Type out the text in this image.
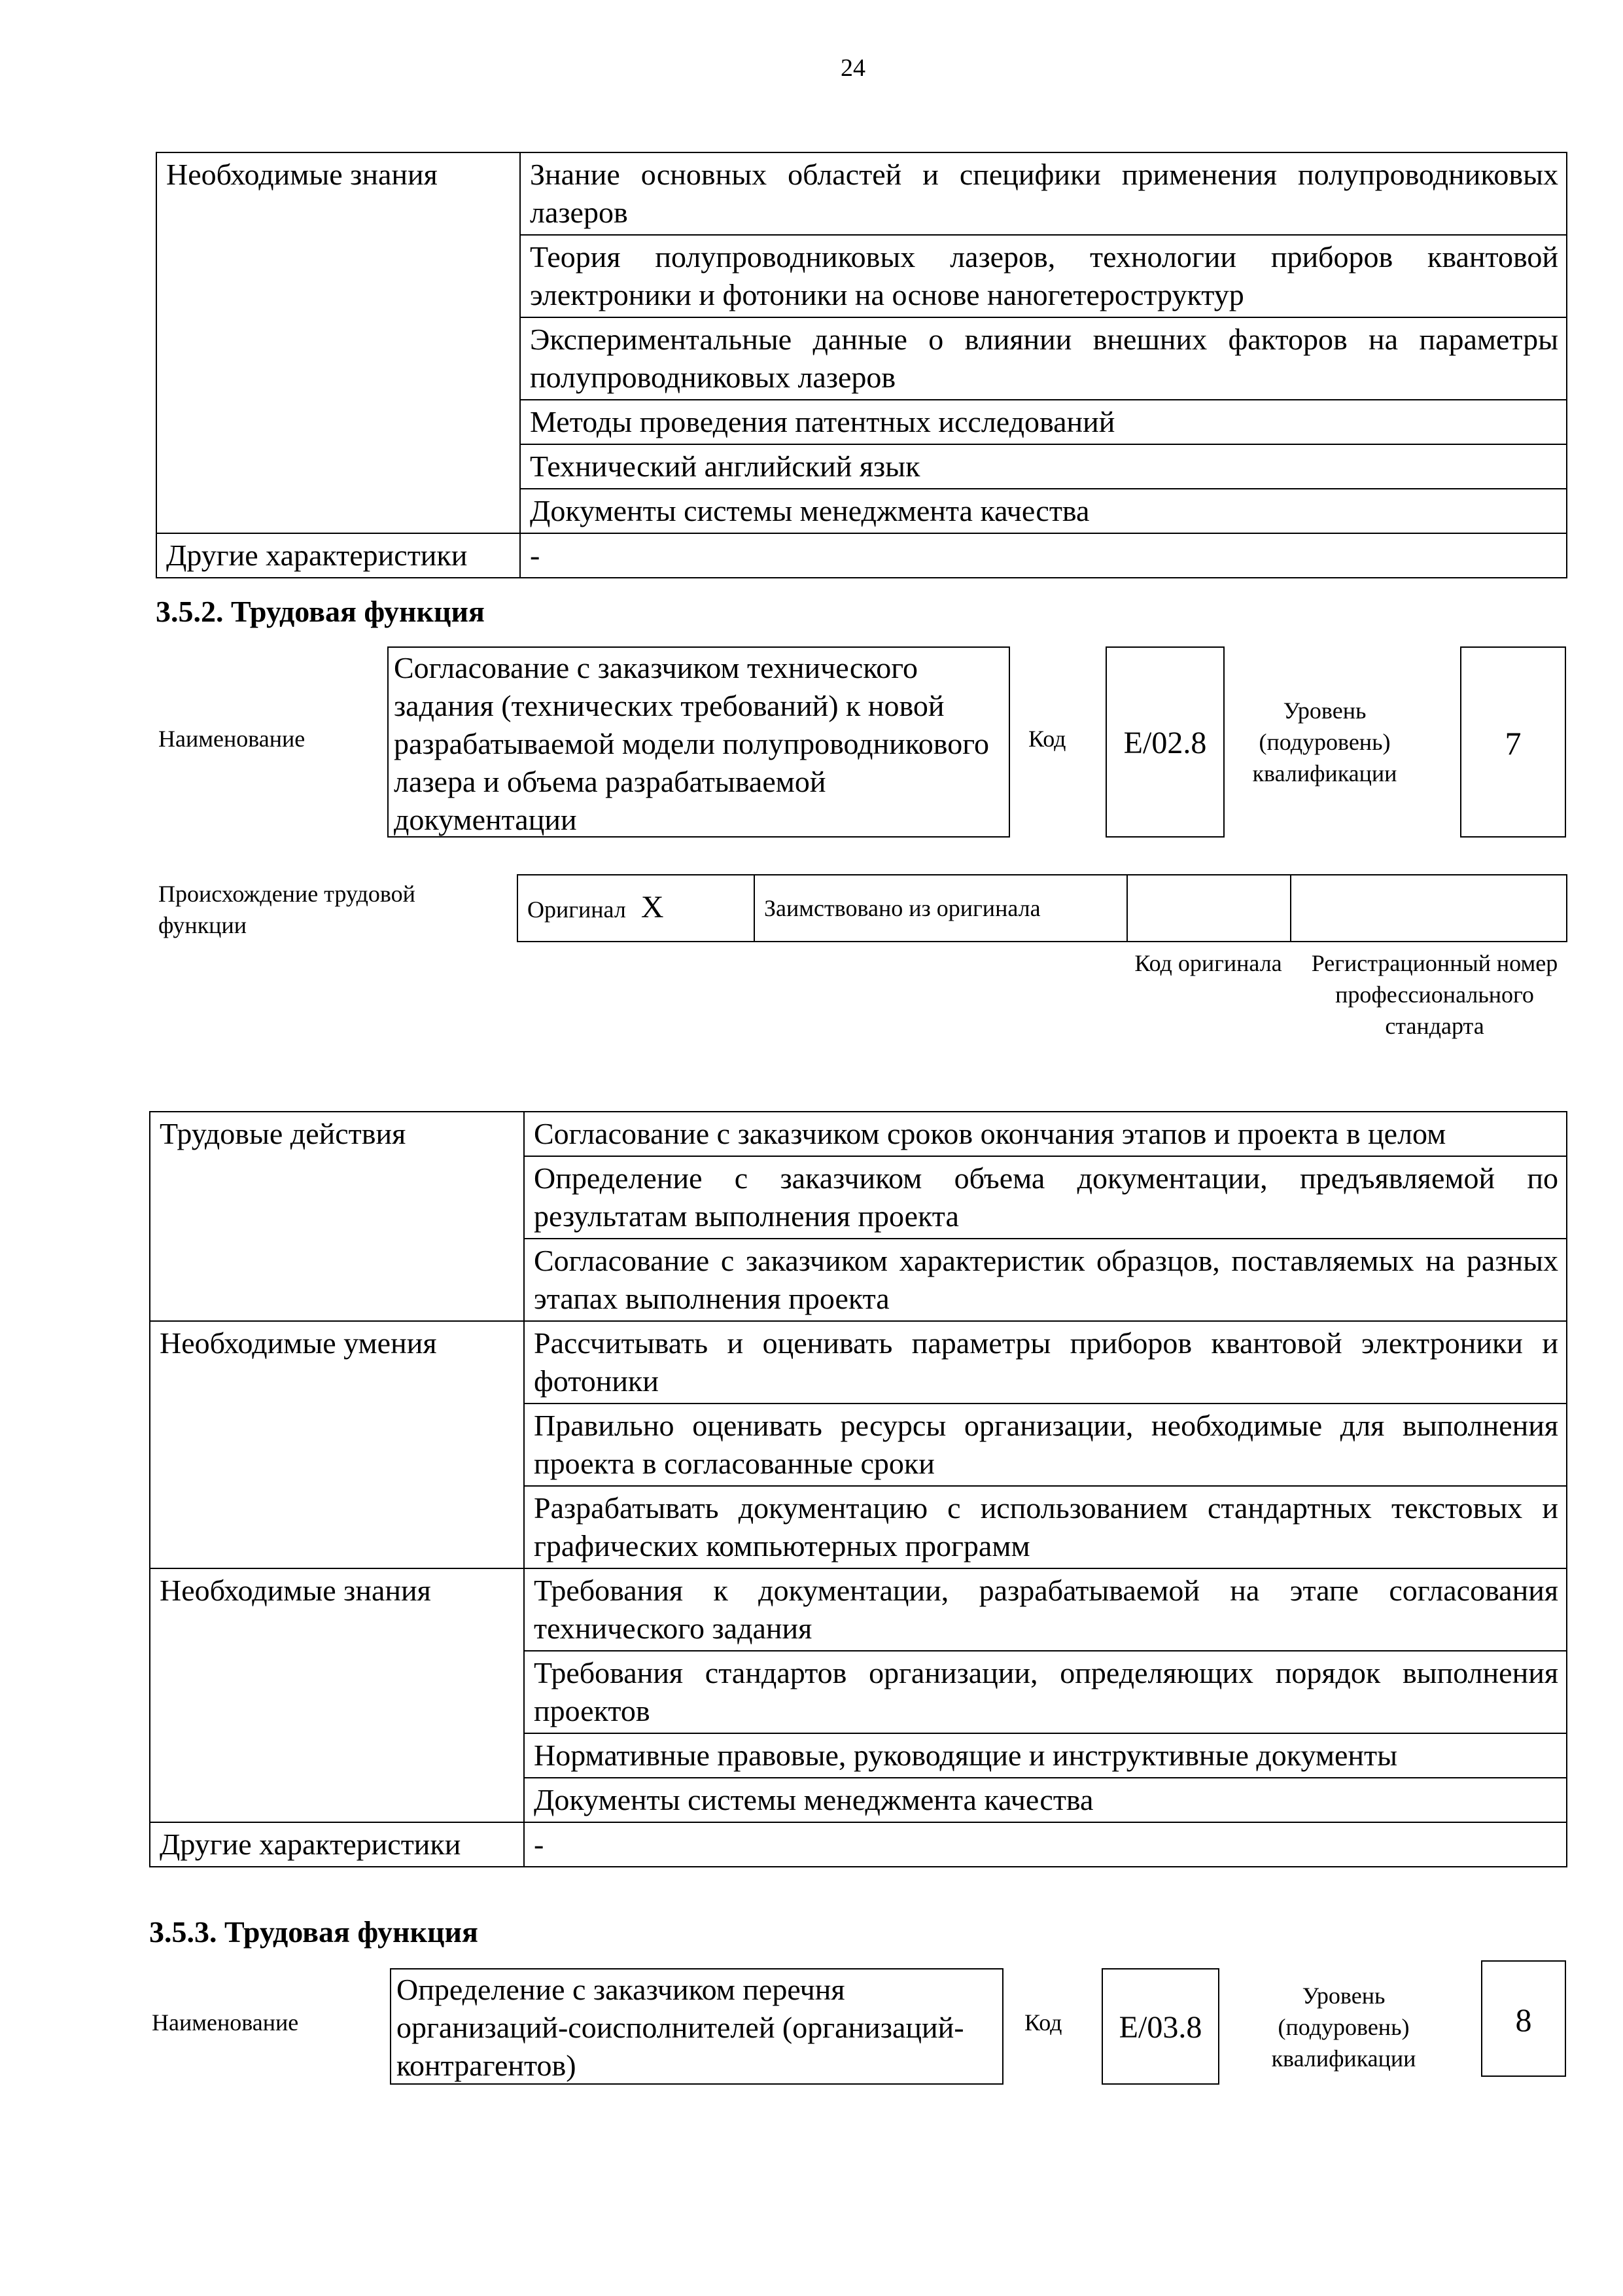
24
Необходимые знания	Знание основных областей и специфики применения полупроводниковых лазеров
	Теория полупроводниковых лазеров, технологии приборов квантовой электроники и фотоники на основе наногетероструктур
	Экспериментальные данные о влиянии внешних факторов на параметры полупроводниковых лазеров
	Методы проведения патентных исследований
	Технический английский язык
	Документы системы менеджмента качества
Другие характеристики	-
3.5.2. Трудовая функция
Наименование
Согласование с заказчиком технического задания (технических требований) к новой разрабатываемой модели полупроводникового лазера и объема разрабатываемой документации
Код	E/02.8
Уровень (подуровень) квалификации
7
Происхождение трудовой функции
Оригинал X	Заимствовано из оригинала		
Код оригинала	Регистрационный номер профессионального стандарта
Трудовые действия	Согласование с заказчиком сроков окончания этапов и проекта в целом
	Определение с заказчиком объема документации, предъявляемой по результатам выполнения проекта
	Согласование с заказчиком характеристик образцов, поставляемых на разных этапах выполнения проекта
Необходимые умения	Рассчитывать и оценивать параметры приборов квантовой электроники и фотоники
	Правильно оценивать ресурсы организации, необходимые для выполнения проекта в согласованные сроки
	Разрабатывать документацию с использованием стандартных текстовых и графических компьютерных программ
Необходимые знания	Требования к документации, разрабатываемой на этапе согласования технического задания
	Требования стандартов организации, определяющих порядок выполнения проектов
	Нормативные правовые, руководящие и инструктивные документы
	Документы системы менеджмента качества
Другие характеристики	-
3.5.3. Трудовая функция
Наименование
Определение с заказчиком перечня организаций-соисполнителей (организаций-контрагентов)
Код	E/03.8
Уровень (подуровень) квалификации
8
